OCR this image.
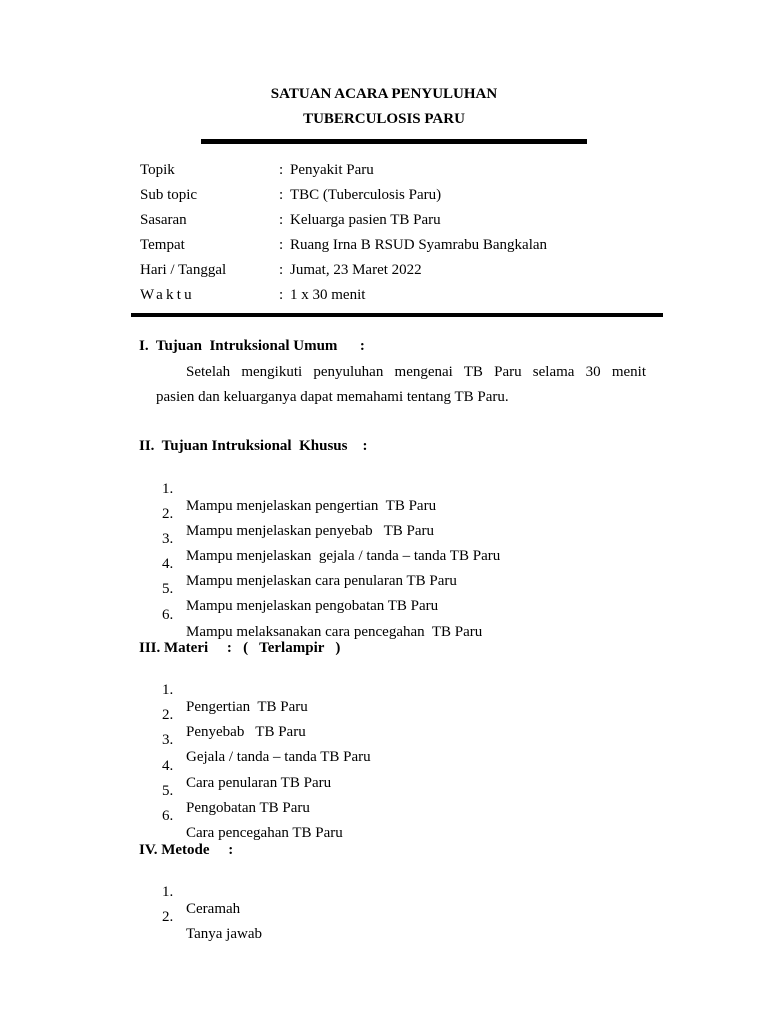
SATUAN ACARA PENYULUHAN
TUBERCULOSIS PARU
Topik	: Penyakit Paru
Sub topic	: TBC (Tuberculosis Paru)
Sasaran	: Keluarga pasien TB Paru
Tempat	: Ruang Irna B RSUD Syamrabu Bangkalan
Hari / Tanggal	: Jumat, 23 Maret 2022
Waktu	: 1 x 30 menit
I.  Tujuan  Intruksional Umum      :
Setelah mengikuti penyuluhan mengenai TB Paru selama 30 menit
pasien dan keluarganya dapat memahami tentang TB Paru.
II.  Tujuan Intruksional  Khusus    :

1.

Mampu menjelaskan pengertian  TB Paru

2.

Mampu menjelaskan penyebab   TB Paru

3.

Mampu menjelaskan  gejala / tanda – tanda TB Paru

4.

Mampu menjelaskan cara penularan TB Paru

5.

Mampu menjelaskan pengobatan TB Paru

6.

Mampu melaksanakan cara pencegahan  TB Paru

III. Materi     :   (   Terlampir   )

1.

Pengertian  TB Paru

2.

Penyebab   TB Paru

3.

Gejala / tanda – tanda TB Paru

4.

Cara penularan TB Paru

5.

Pengobatan TB Paru

6.

Cara pencegahan TB Paru

IV. Metode     :

1.

Ceramah

2.

Tanya jawab
